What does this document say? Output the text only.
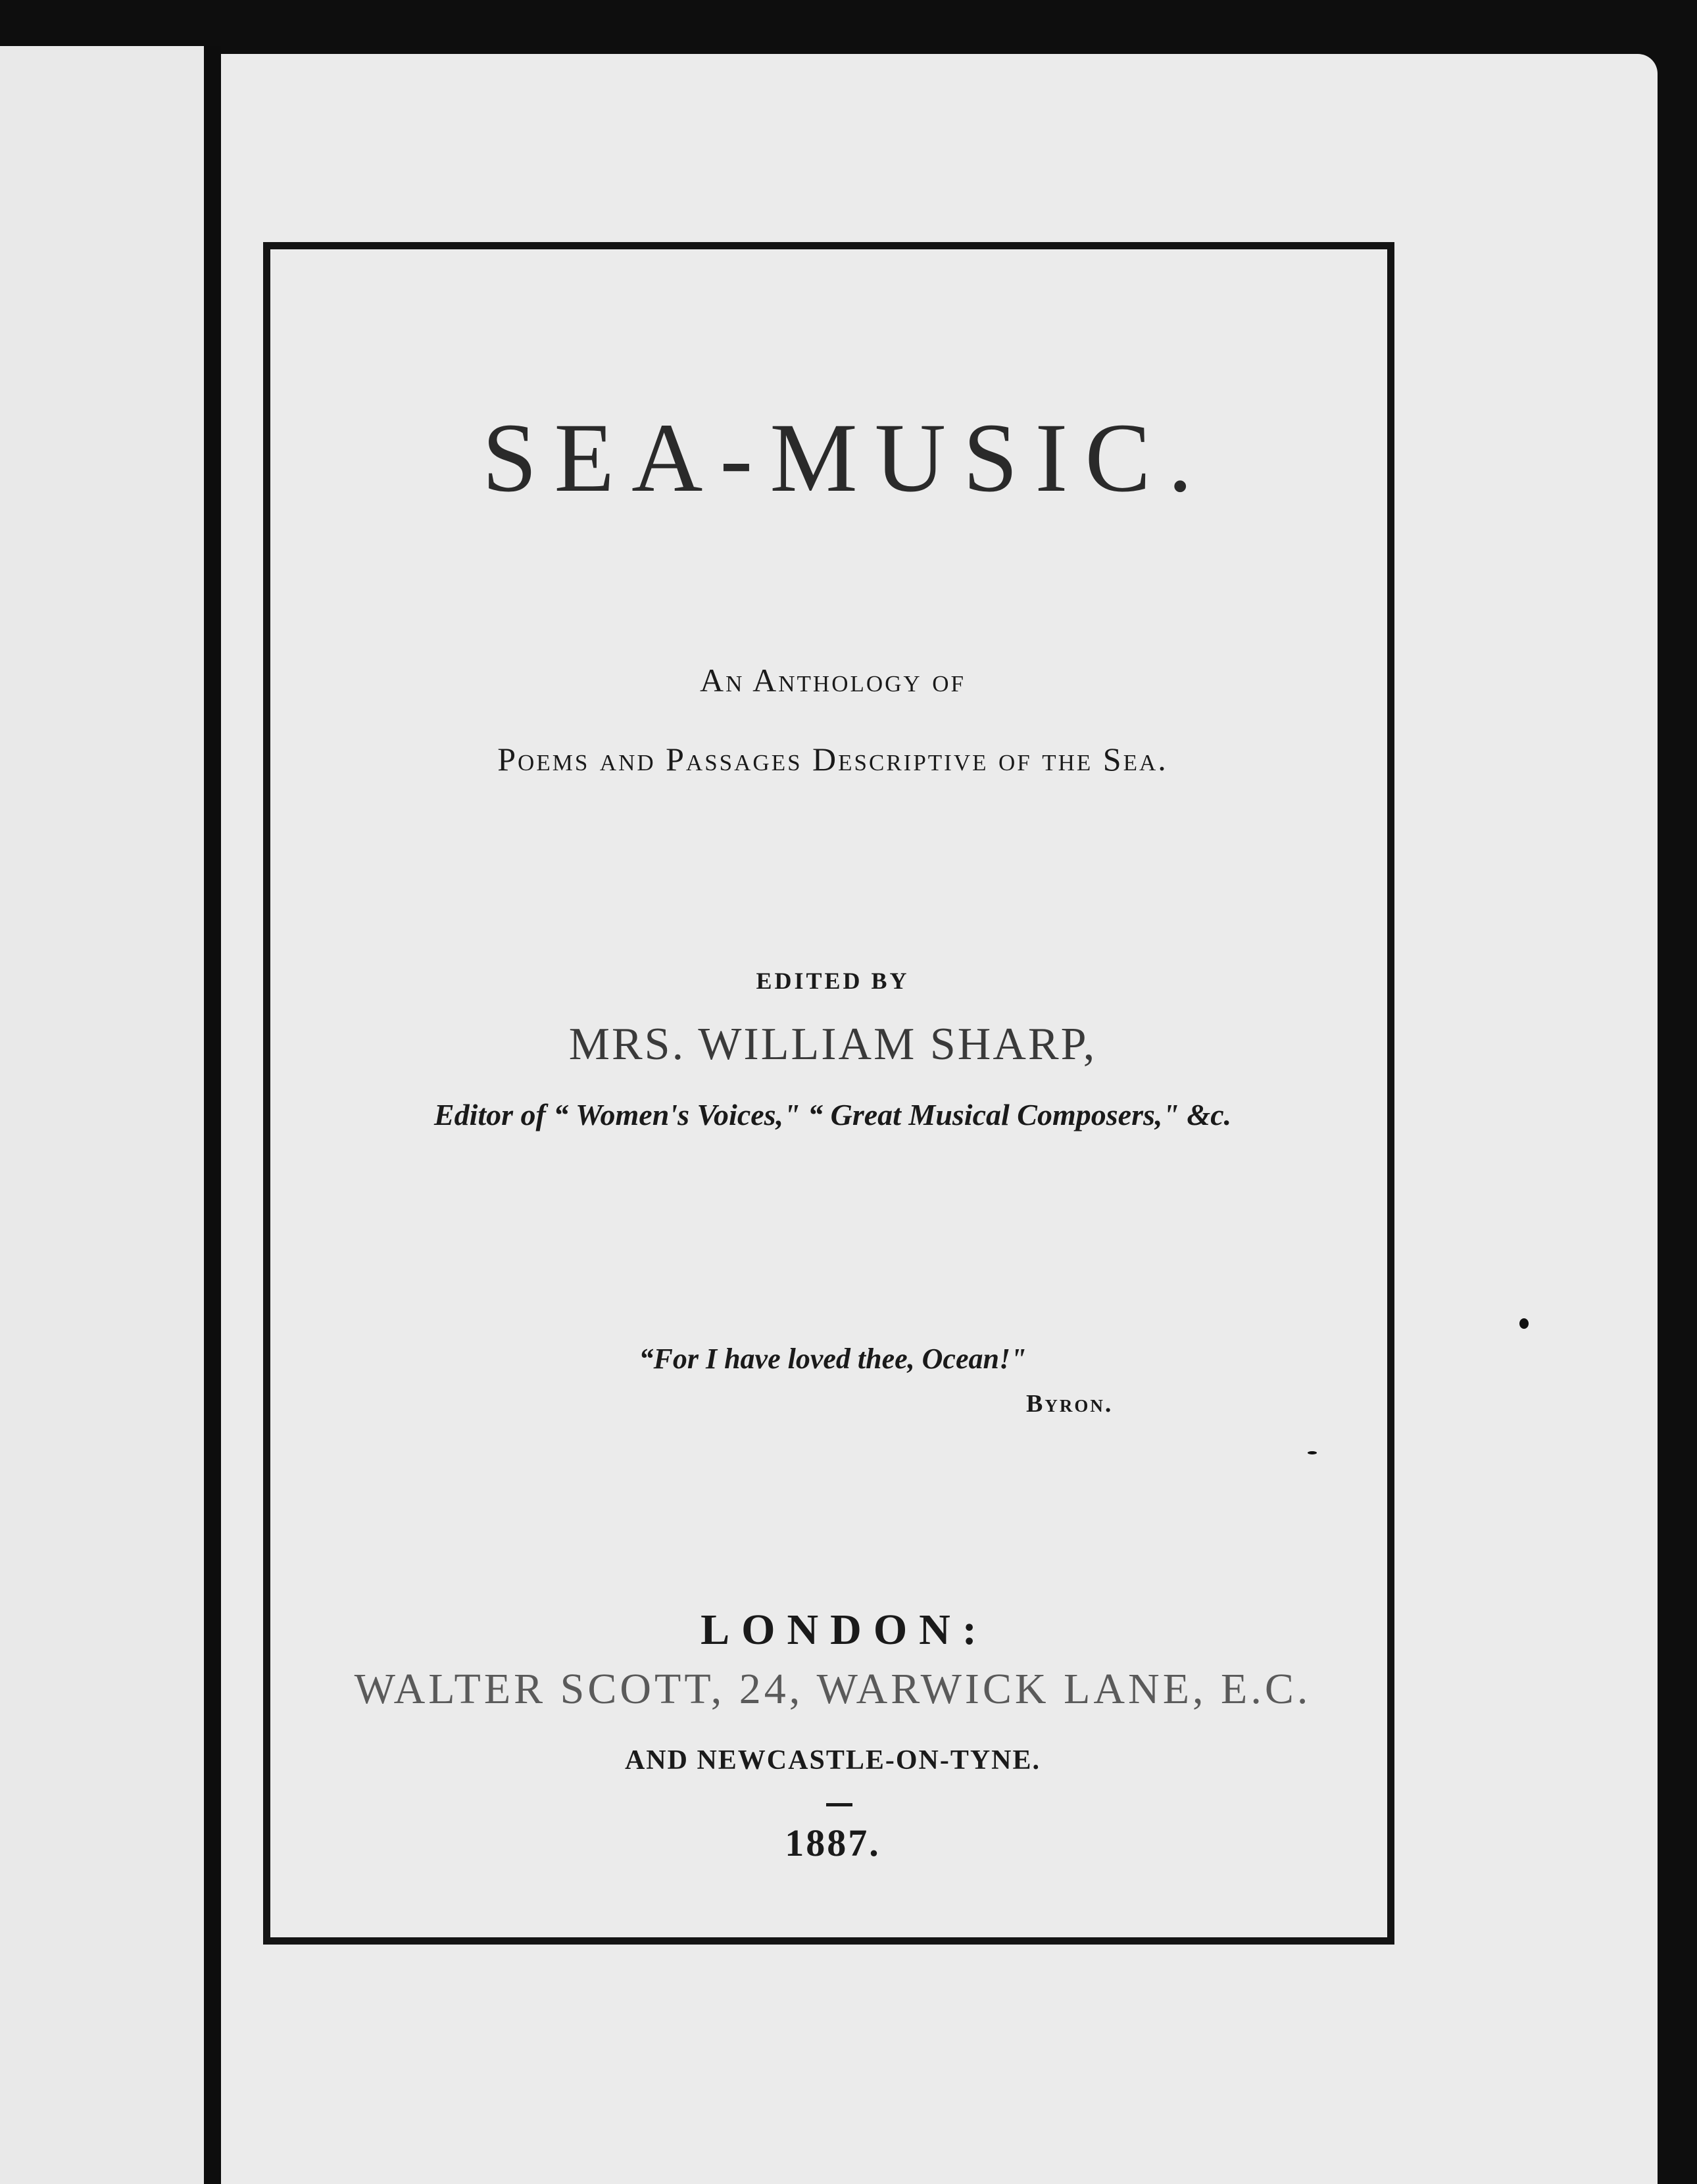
SEA-MUSIC.
An Anthology of
Poems and Passages Descriptive of the Sea.
EDITED BY
MRS. WILLIAM SHARP,
Editor of “ Women's Voices," “ Great Musical Composers," &c.
“For I have loved thee, Ocean!"
Byron.
LONDON:
WALTER SCOTT, 24, WARWICK LANE, E.C.
AND NEWCASTLE-ON-TYNE.
1887.
